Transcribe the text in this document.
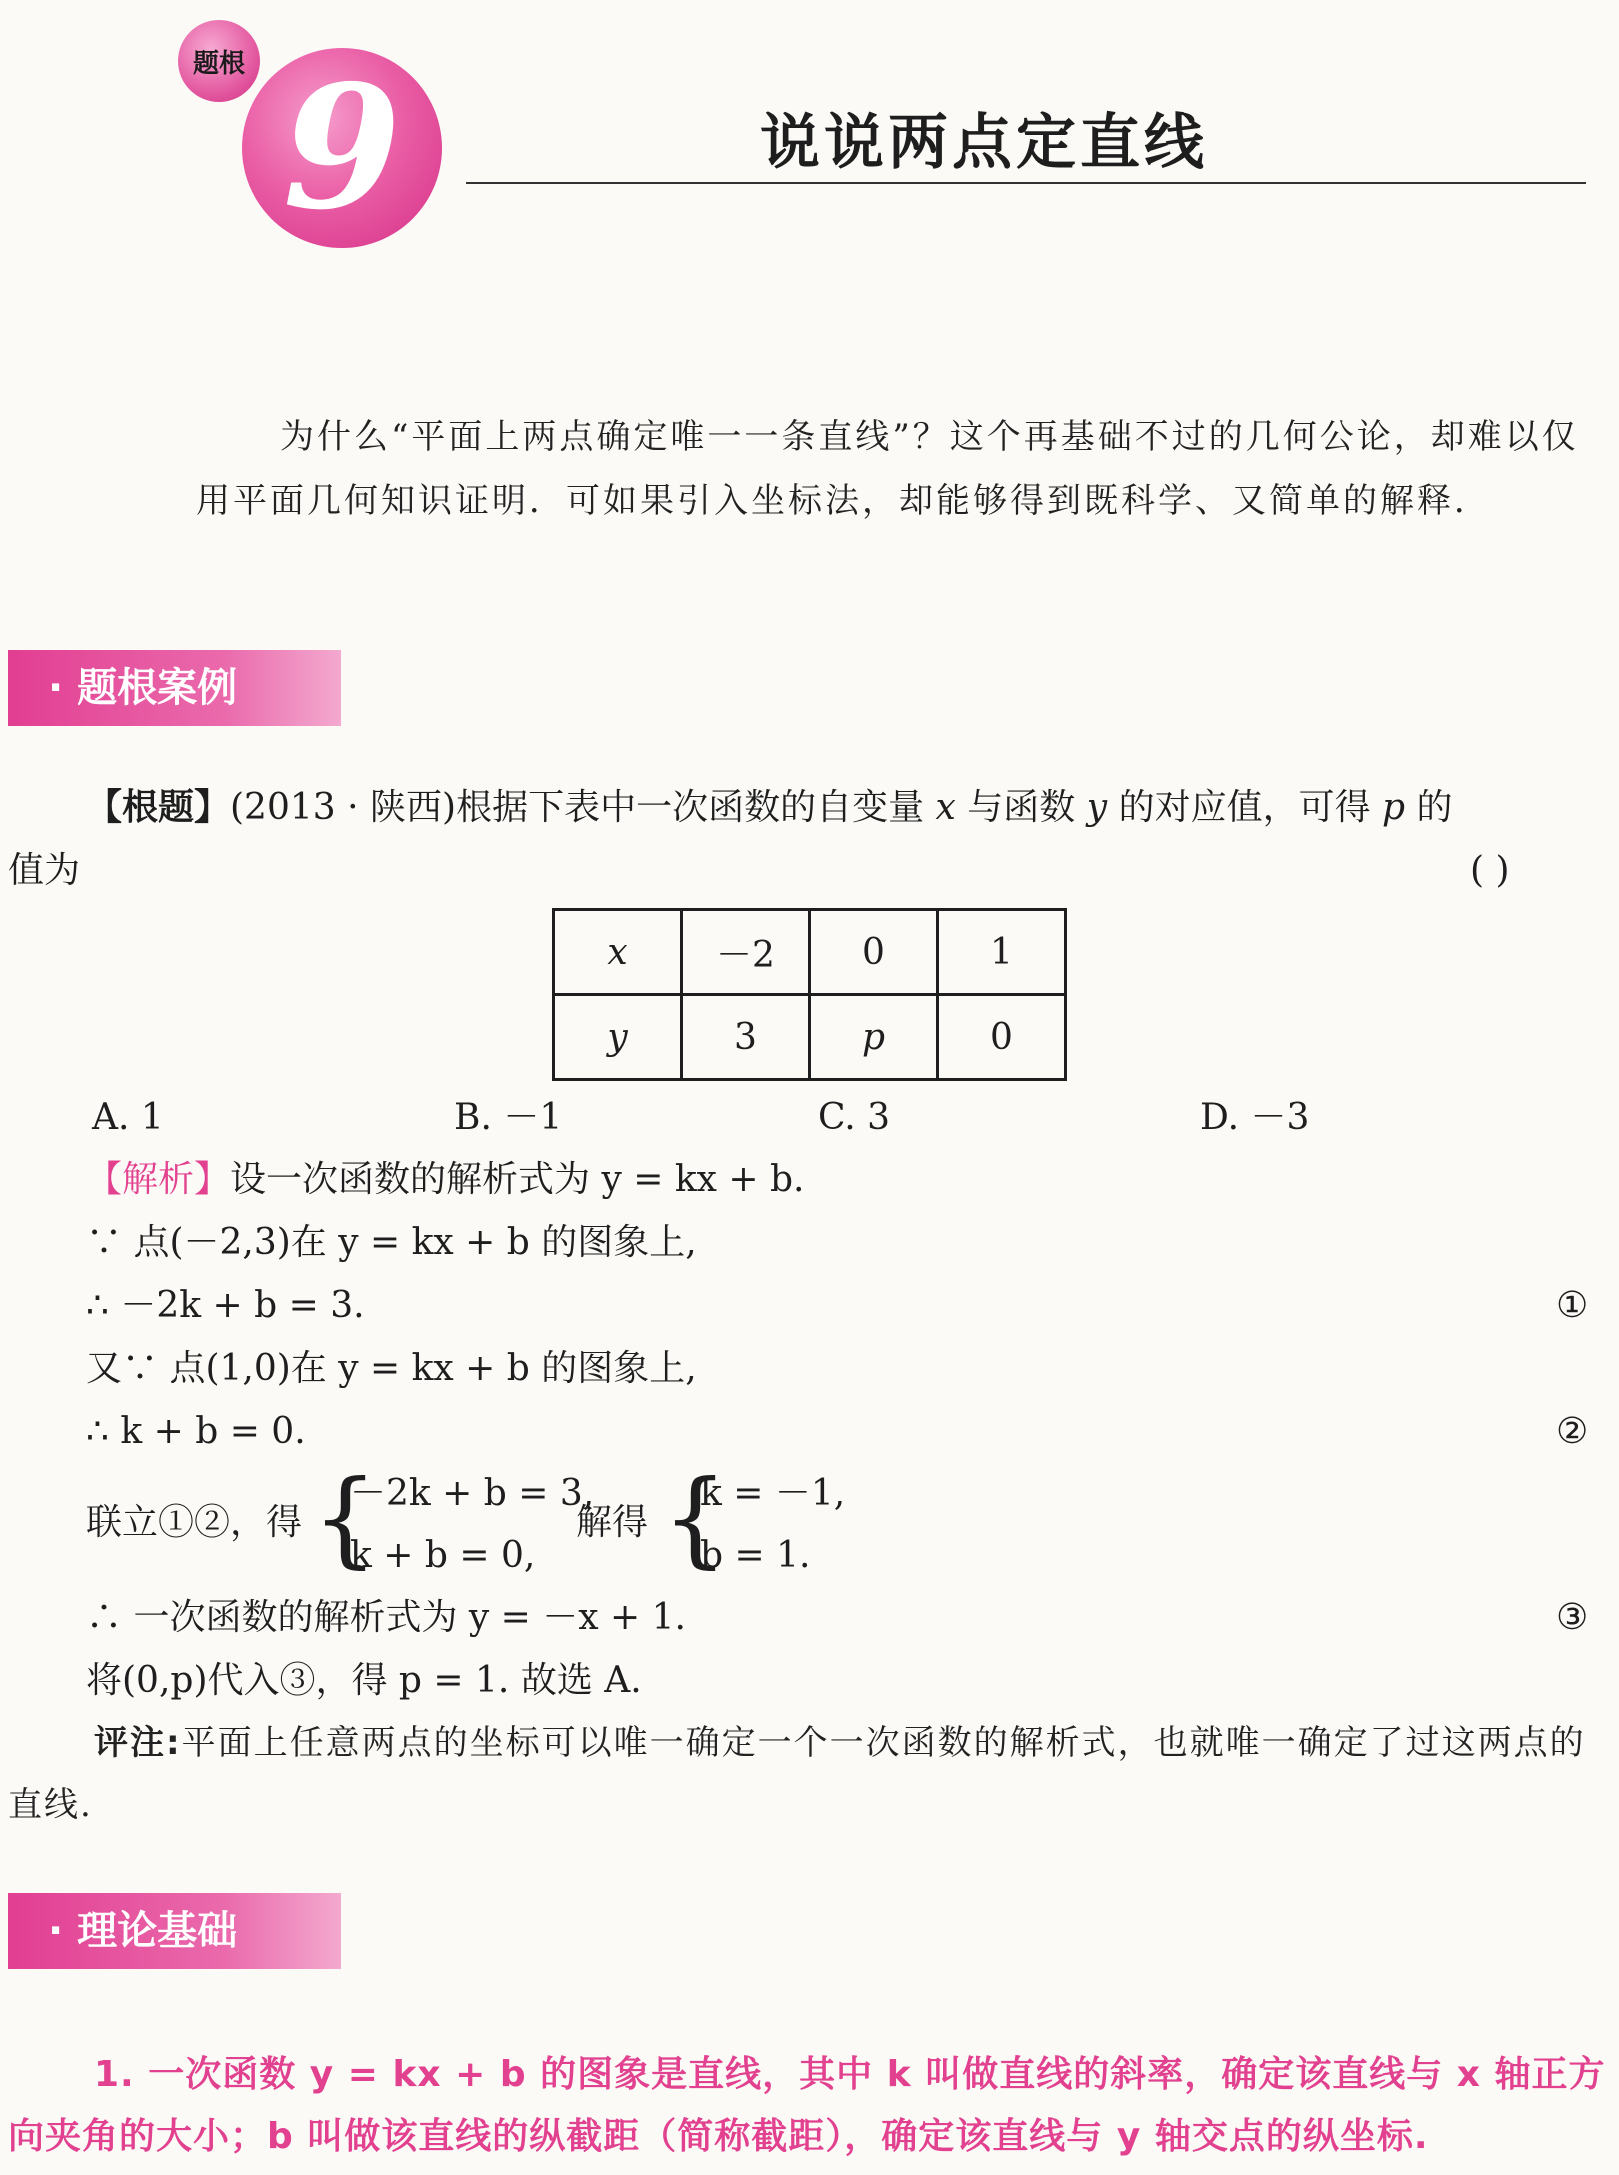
9
题根
说说两点定直线

为什么“平面上两点确定唯一一条直线”？这个再基础不过的几何公论，却难以仅用平面几何知识证明．可如果引入坐标法，却能够得到既科学、又简单的解释．

· 题根案例
【根题】(2013 · 陕西)根据下表中一次函数的自变量 x 与函数 y 的对应值，可得 p 的
值为	( )
x	－2	0	1
y	3	p	0
A. 1	B. －1	C. 3	D. －3
【解析】设一次函数的解析式为 y = kx + b.
∵ 点(－2,3)在 y = kx + b 的图象上,
∴ －2k + b = 3.
又∵ 点(1,0)在 y = kx + b 的图象上,
∴ k + b = 0.
①
②
③
联立①②，得 {
－2k + b = 3,
k + b = 0,
解得 {
k = －1,
b = 1.
∴ 一次函数的解析式为 y = －x + 1.
将(0,p)代入③，得 p = 1. 故选 A.

评注:平面上任意两点的坐标可以唯一确定一个一次函数的解析式，也就唯一确定了过这两点的直线.

· 理论基础

1. 一次函数 y = kx + b 的图象是直线，其中 k 叫做直线的斜率，确定该直线与 x 轴正方向夹角的大小；b 叫做该直线的纵截距（简称截距），确定该直线与 y 轴交点的纵坐标.
